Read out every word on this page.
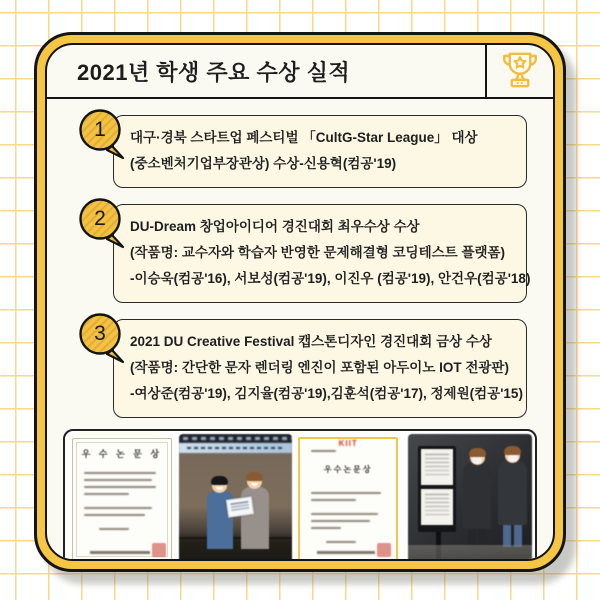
2021년 학생 주요 수상 실적
1	대구·경북 스타트업 페스티벌 「CultG-Star League」 대상
(중소벤처기업부장관상) 수상-신용혁(컴공'19)
2	DU-Dream 창업아이디어 경진대회 최우수상 수상
(작품명: 교수자와 학습자 반영한 문제해결형 코딩테스트 플랫폼)
-이승욱(컴공'16), 서보성(컴공'19), 이진우 (컴공'19), 안건우(컴공'18)
3	2021 DU Creative Festival 캡스톤디자인 경진대회 금상 수상
(작품명: 간단한 문자 렌더링 엔진이 포함된 아두이노 IOT 전광판)
-여상준(컴공'19), 김지율(컴공'19),김훈석(컴공'17), 정제원(컴공'15)
우 수 논 문 상
KIIT
우수논문상
